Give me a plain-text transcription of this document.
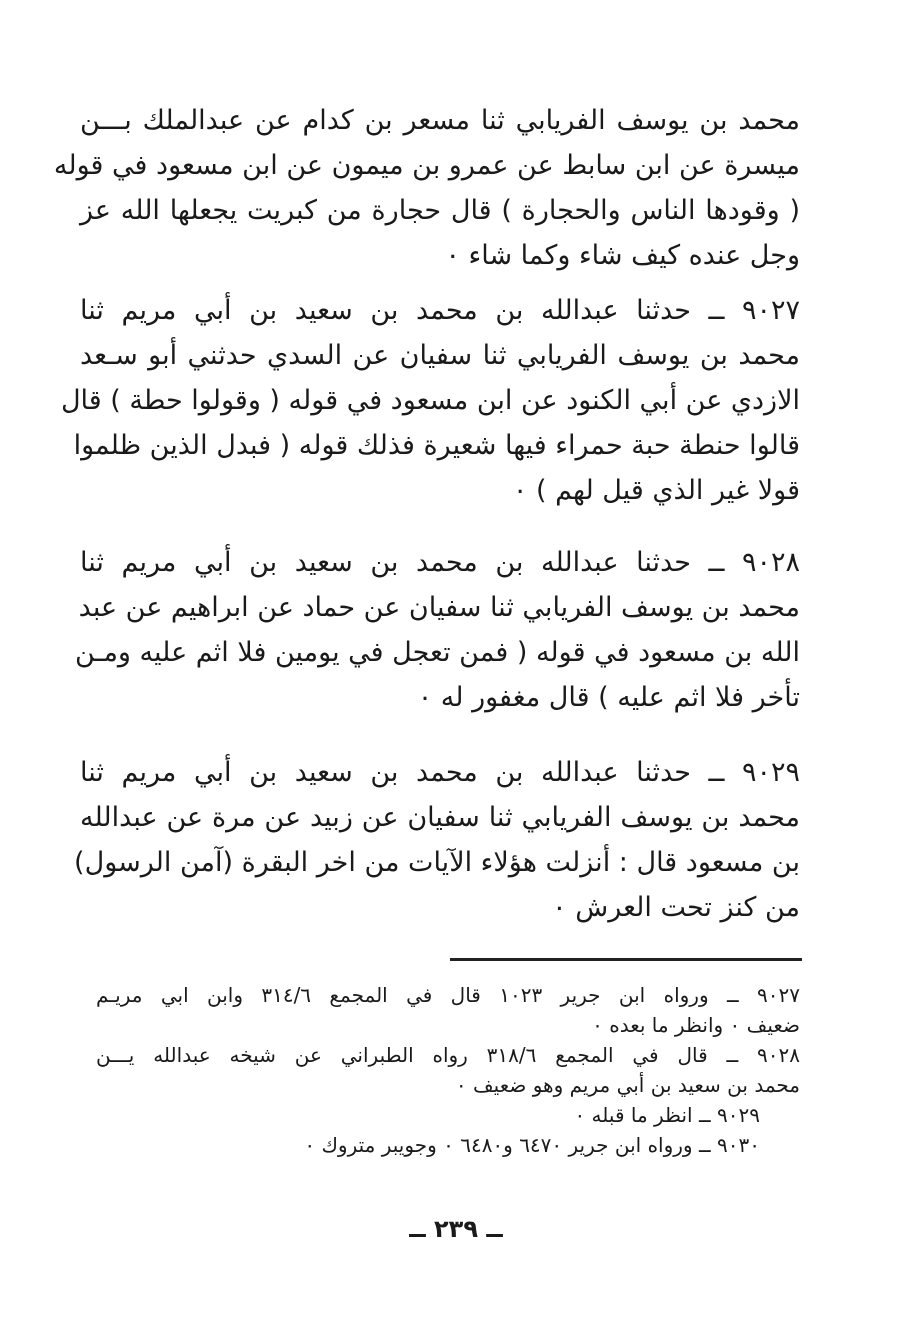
محمد بن يوسف الفريابي ثنا مسعر بن كدام عن عبدالملك بـــن
ميسرة عن ابن سابط عن عمرو بن ميمون عن ابن مسعود في قوله
( وقودها الناس والحجارة ) قال حجارة من كبريت يجعلها الله عز
وجل عنده كيف شاء وكما شاء ٠
٩٠٢٧ ــ حدثنا عبدالله بن محمد بن سعيد بن أبي مريم ثنا
محمد بن يوسف الفريابي ثنا سفيان عن السدي حدثني أبو سـعد
الازدي عن أبي الكنود عن ابن مسعود في قوله ( وقولوا حطة ) قال
قالوا حنطة حبة حمراء فيها شعيرة فذلك قوله ( فبدل الذين ظلموا
قولا غير الذي قيل لهم ) ٠
٩٠٢٨ ــ حدثنا عبدالله بن محمد بن سعيد بن أبي مريم ثنا
محمد بن يوسف الفريابي ثنا سفيان عن حماد عن ابراهيم عن عبد
الله بن مسعود في قوله ( فمن تعجل في يومين فلا اثم عليه ومـن
تأخر فلا اثم عليه ) قال مغفور له ٠
٩٠٢٩ ــ حدثنا عبدالله بن محمد بن سعيد بن أبي مريم ثنا
محمد بن يوسف الفريابي ثنا سفيان عن زبيد عن مرة عن عبدالله
بن مسعود قال : أنزلت هؤلاء الآيات من اخر البقرة (آمن الرسول)
من كنز تحت العرش ٠
٩٠٢٧ ــ ورواه ابن جرير ١٠٢٣ قال في المجمع ٣١٤/٦ وابن ابي مريـم
ضعيف ٠ وانظر ما بعده ٠
٩٠٢٨ ــ قال في المجمع ٣١٨/٦ رواه الطبراني عن شيخه عبدالله يـــن
محمد بن سعيد بن أبي مريم وهو ضعيف ٠
٩٠٢٩ ــ انظر ما قبله ٠
٩٠٣٠ ــ ورواه ابن جرير ٦٤٧٠ و٦٤٨٠ ٠ وجويبر متروك ٠
ــ ٢٣٩ ــ
